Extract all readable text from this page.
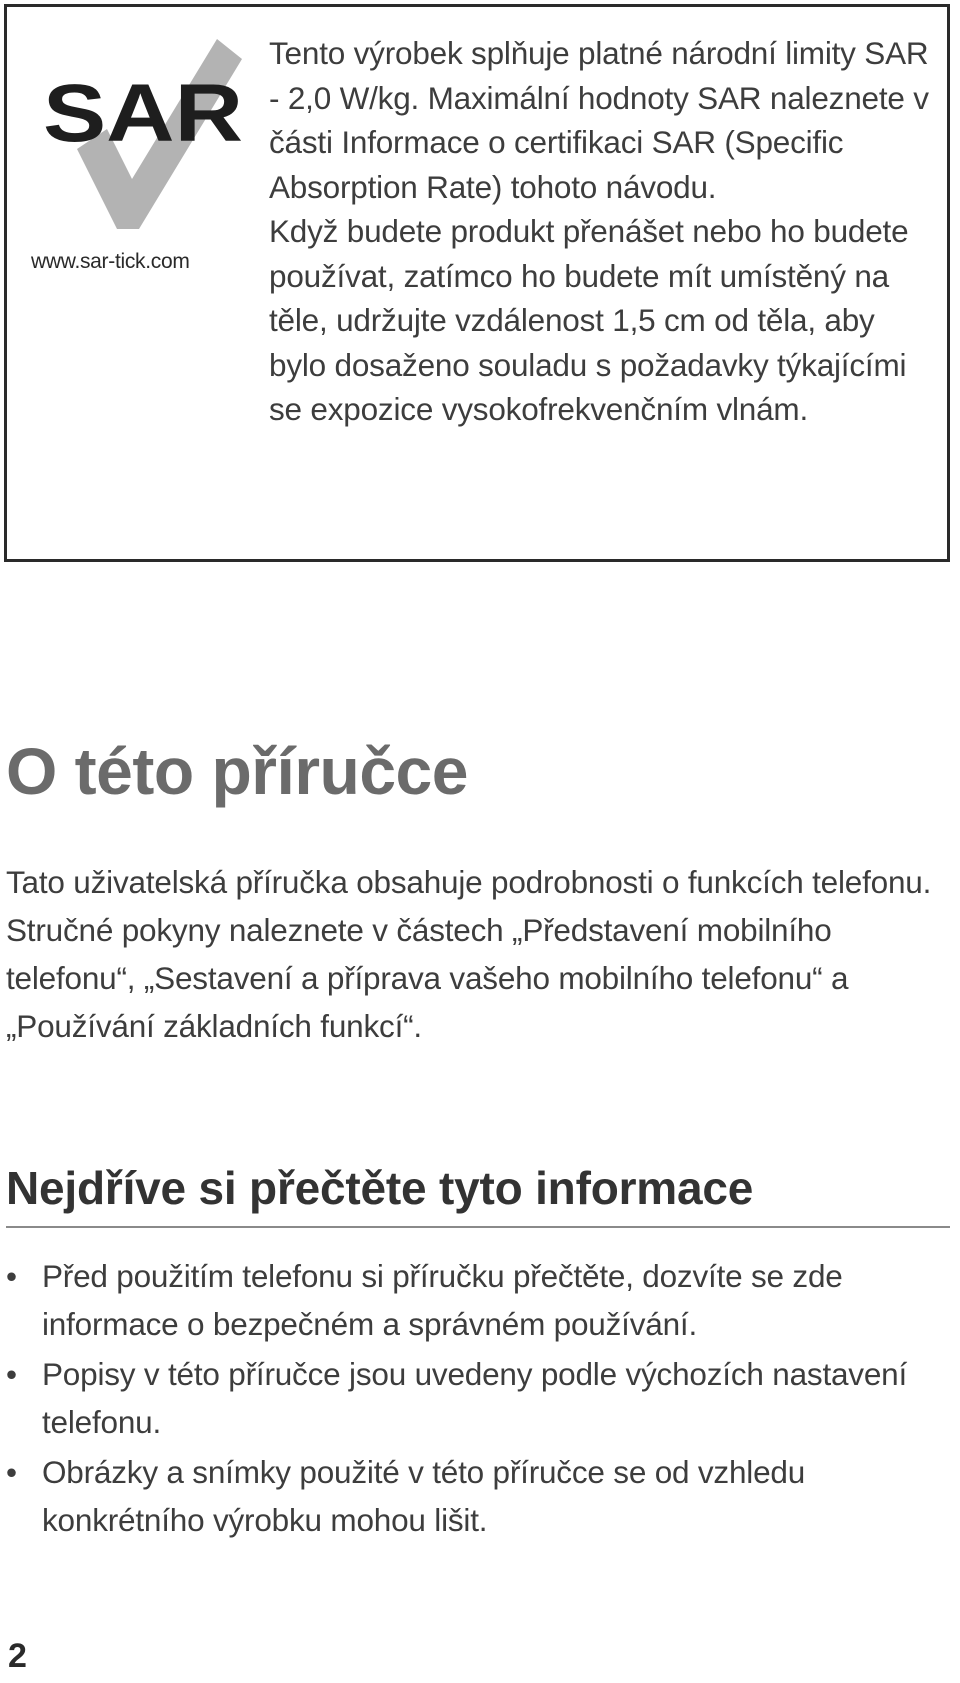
SAR
www.sar-tick.com

Tento výrobek splňuje platné národní limity SAR - 2,0 W/kg. Maximální hodnoty SAR naleznete v části Informace o certifikaci SAR (Specific Absorption Rate) tohoto návodu.

Když budete produkt přenášet nebo ho budete používat, zatímco ho budete mít umístěný na těle, udržujte vzdálenost 1,5 cm od těla, aby bylo dosaženo souladu s požadavky týkajícími se expozice vysokofrekvenčním vlnám.

O této příručce

Tato uživatelská příručka obsahuje podrobnosti o funkcích telefonu. Stručné pokyny naleznete v částech „Představení mobilního telefonu“, „Sestavení a příprava vašeho mobilního telefonu“ a „Používání základních funkcí“.

Nejdříve si přečtěte tyto informace
• Před použitím telefonu si příručku přečtěte, dozvíte se zde informace o bezpečném a správném používání.
• Popisy v této příručce jsou uvedeny podle výchozích nastavení telefonu.
• Obrázky a snímky použité v této příručce se od vzhledu konkrétního výrobku mohou lišit.
2
